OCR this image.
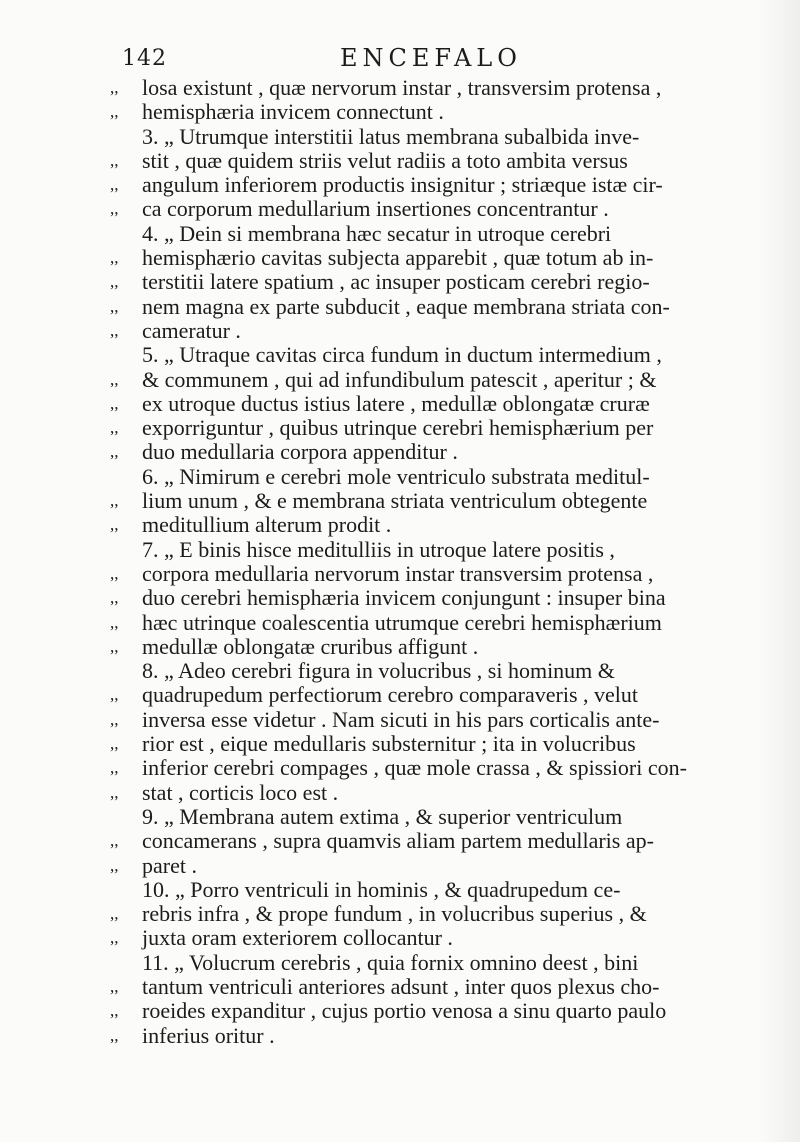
142	ENCEFALO
,,	losa existunt , quæ nervorum instar , transversim protensa ,
,,	hemisphæria invicem connectunt .
3. „ Utrumque interstitii latus membrana subalbida inve-
,,	stit , quæ quidem striis velut radiis a toto ambita versus
,,	angulum inferiorem productis insignitur ; striæque istæ cir-
,,	ca corporum medullarium insertiones concentrantur .
4. „ Dein si membrana hæc secatur in utroque cerebri
,,	hemisphærio cavitas subjecta apparebit , quæ totum ab in-
,,	terstitii latere spatium , ac insuper posticam cerebri regio-
,,	nem magna ex parte subducit , eaque membrana striata con-
,,	cameratur .
5. „ Utraque cavitas circa fundum in ductum intermedium ,
,,	& communem , qui ad infundibulum patescit , aperitur ; &
,,	ex utroque ductus istius latere , medullæ oblongatæ cruræ
,,	exporriguntur , quibus utrinque cerebri hemisphærium per
,,	duo medullaria corpora appenditur .
6. „ Nimirum e cerebri mole ventriculo substrata meditul-
,,	lium unum , & e membrana striata ventriculum obtegente
,,	meditullium alterum prodit .
7. „ E binis hisce meditulliis in utroque latere positis ,
,,	corpora medullaria nervorum instar transversim protensa ,
,,	duo cerebri hemisphæria invicem conjungunt : insuper bina
,,	hæc utrinque coalescentia utrumque cerebri hemisphærium
,,	medullæ oblongatæ cruribus affigunt .
8. „ Adeo cerebri figura in volucribus , si hominum &
,,	quadrupedum perfectiorum cerebro comparaveris , velut
,,	inversa esse videtur . Nam sicuti in his pars corticalis ante-
,,	rior est , eique medullaris substernitur ; ita in volucribus
,,	inferior cerebri compages , quæ mole crassa , & spissiori con-
,,	stat , corticis loco est .
9. „ Membrana autem extima , & superior ventriculum
,,	concamerans , supra quamvis aliam partem medullaris ap-
,,	paret .
10. „ Porro ventriculi in hominis , & quadrupedum ce-
,,	rebris infra , & prope fundum , in volucribus superius , &
,,	juxta oram exteriorem collocantur .
11. „ Volucrum cerebris , quia fornix omnino deest , bini
,,	tantum ventriculi anteriores adsunt , inter quos plexus cho-
,,	roeides expanditur , cujus portio venosa a sinu quarto paulo
,,	inferius oritur .
